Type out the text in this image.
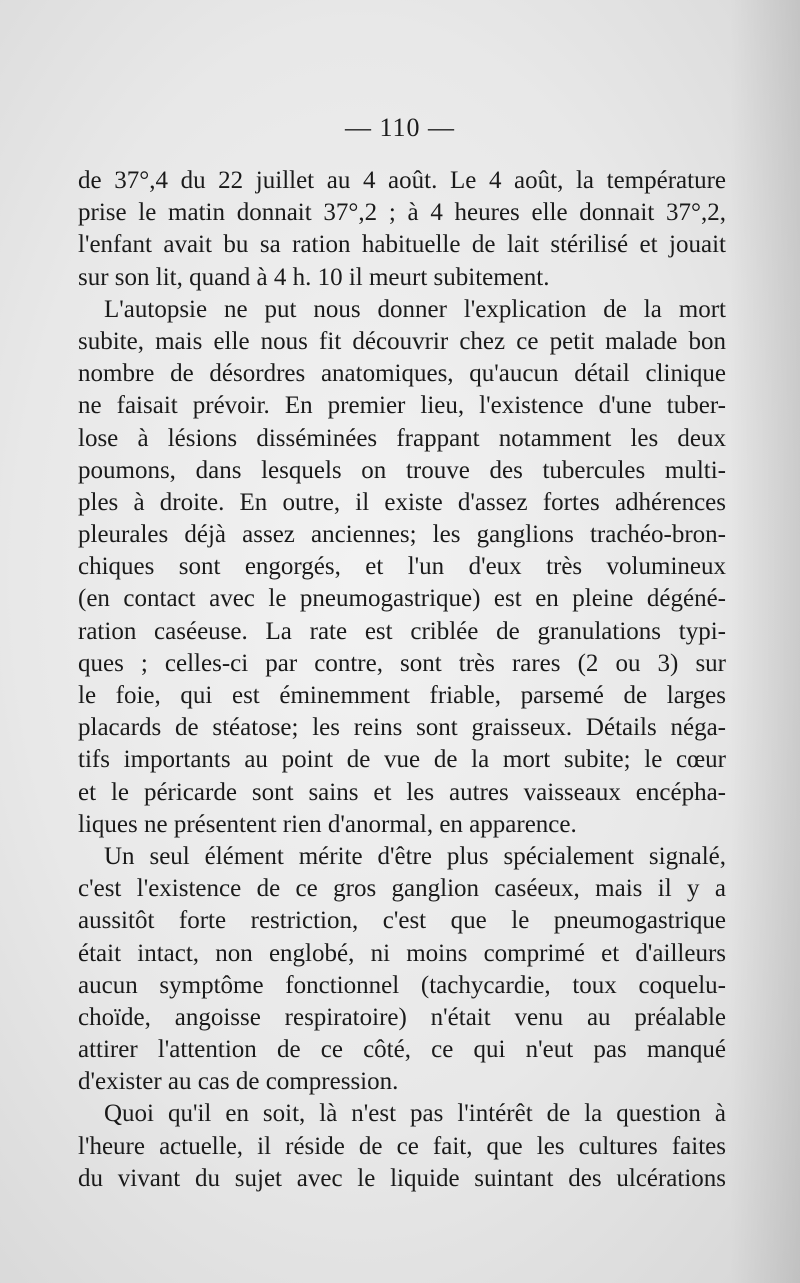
— 110 —
de 37°,4 du 22 juillet au 4 août. Le 4 août, la température
prise le matin donnait 37°,2 ; à 4 heures elle donnait 37°,2,
l'enfant avait bu sa ration habituelle de lait stérilisé et jouait
sur son lit, quand à 4 h. 10 il meurt subitement.
L'autopsie ne put nous donner l'explication de la mort
subite, mais elle nous fit découvrir chez ce petit malade bon
nombre de désordres anatomiques, qu'aucun détail clinique
ne faisait prévoir. En premier lieu, l'existence d'une tuber-
lose à lésions disséminées frappant notamment les deux
poumons, dans lesquels on trouve des tubercules multi-
ples à droite. En outre, il existe d'assez fortes adhérences
pleurales déjà assez anciennes; les ganglions trachéo-bron-
chiques sont engorgés, et l'un d'eux très volumineux
(en contact avec le pneumogastrique) est en pleine dégéné-
ration caséeuse. La rate est criblée de granulations typi-
ques ; celles-ci par contre, sont très rares (2 ou 3) sur
le foie, qui est éminemment friable, parsemé de larges
placards de stéatose; les reins sont graisseux. Détails néga-
tifs importants au point de vue de la mort subite; le cœur
et le péricarde sont sains et les autres vaisseaux encépha-
liques ne présentent rien d'anormal, en apparence.
Un seul élément mérite d'être plus spécialement signalé,
c'est l'existence de ce gros ganglion caséeux, mais il y a
aussitôt forte restriction, c'est que le pneumogastrique
était intact, non englobé, ni moins comprimé et d'ailleurs
aucun symptôme fonctionnel (tachycardie, toux coquelu-
choïde, angoisse respiratoire) n'était venu au préalable
attirer l'attention de ce côté, ce qui n'eut pas manqué
d'exister au cas de compression.
Quoi qu'il en soit, là n'est pas l'intérêt de la question à
l'heure actuelle, il réside de ce fait, que les cultures faites
du vivant du sujet avec le liquide suintant des ulcérations
